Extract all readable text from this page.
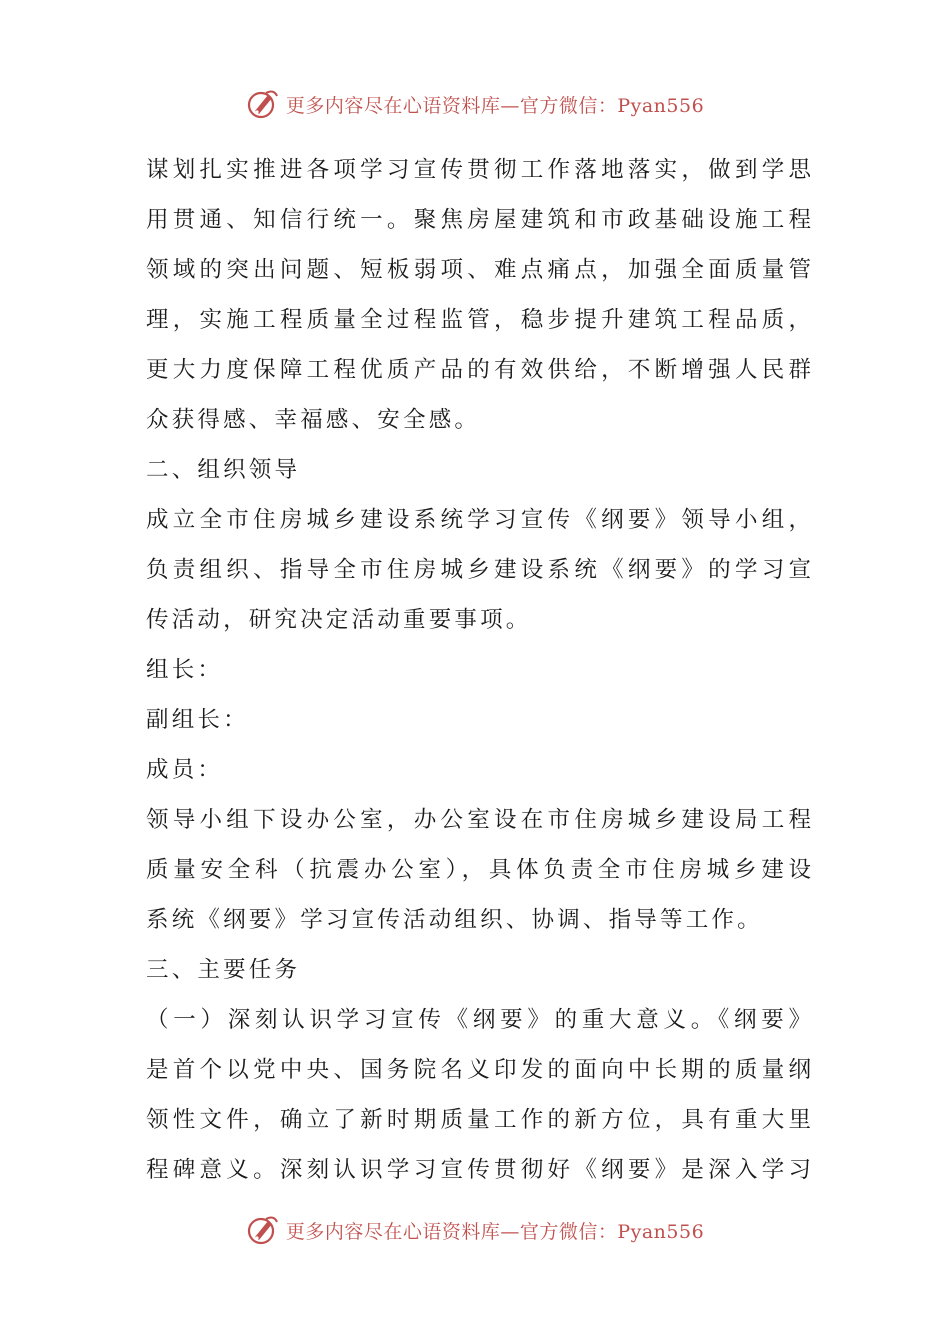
更多内容尽在心语资料库—官方微信：Pyan556
谋划扎实推进各项学习宣传贯彻工作落地落实，做到学思
用贯通、知信行统一。聚焦房屋建筑和市政基础设施工程
领域的突出问题、短板弱项、难点痛点，加强全面质量管
理，实施工程质量全过程监管，稳步提升建筑工程品质，
更大力度保障工程优质产品的有效供给，不断增强人民群
众获得感、幸福感、安全感。
二、组织领导
成立全市住房城乡建设系统学习宣传《纲要》领导小组，
负责组织、指导全市住房城乡建设系统《纲要》的学习宣
传活动，研究决定活动重要事项。
组长：
副组长：
成员：
领导小组下设办公室，办公室设在市住房城乡建设局工程
质量安全科（抗震办公室），具体负责全市住房城乡建设
系统《纲要》学习宣传活动组织、协调、指导等工作。
三、主要任务
（一）深刻认识学习宣传《纲要》的重大意义。《纲要》
是首个以党中央、国务院名义印发的面向中长期的质量纲
领性文件，确立了新时期质量工作的新方位，具有重大里
程碑意义。深刻认识学习宣传贯彻好《纲要》是深入学习
更多内容尽在心语资料库—官方微信：Pyan556
